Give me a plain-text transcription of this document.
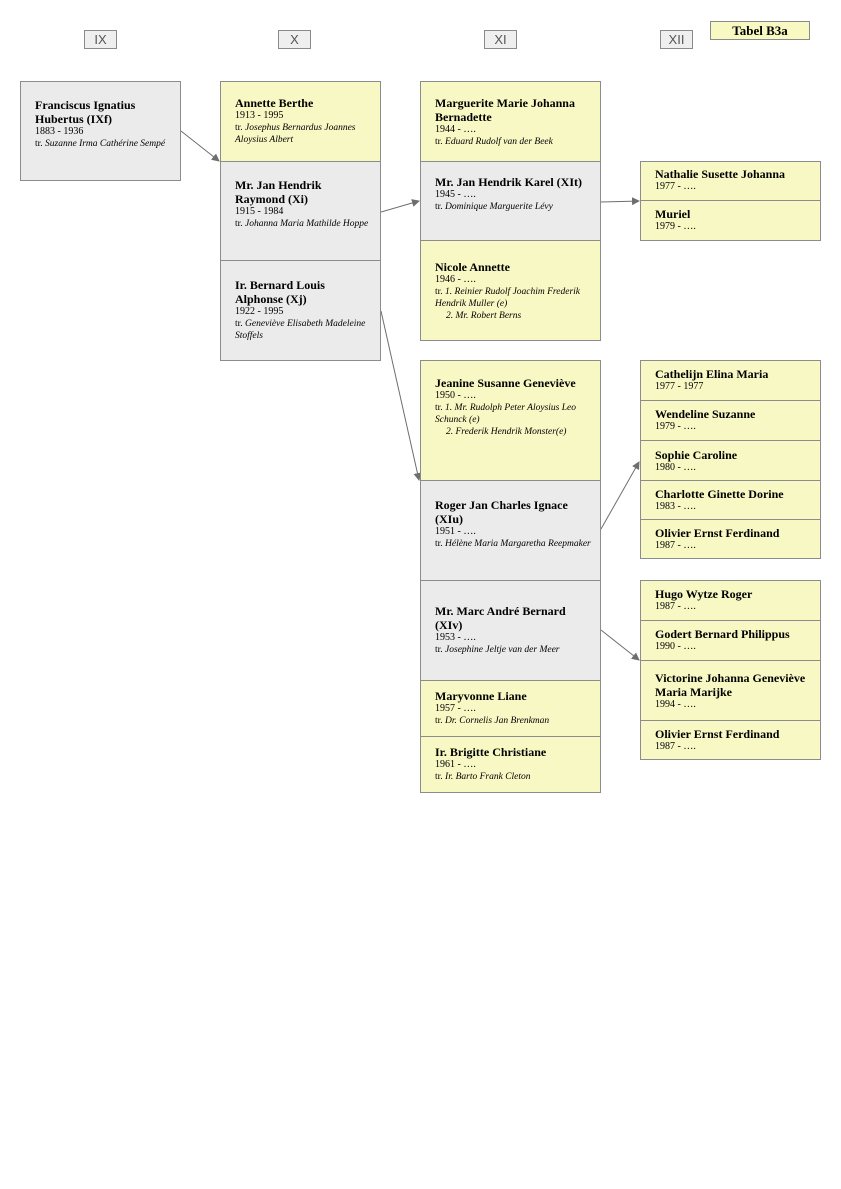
IX	X	XI	XII
Tabel B3a
Franciscus Ignatius Hubertus (IXf)
1883 - 1936
tr. Suzanne Irma Cathérine Sempé
Annette Berthe
1913 - 1995
tr. Josephus Bernardus Joannes Aloysius Albert
Mr. Jan Hendrik Raymond (Xi)
1915 - 1984
tr. Johanna Maria Mathilde Hoppe
Ir. Bernard Louis Alphonse (Xj)
1922 - 1995
tr. Geneviève Elisabeth Madeleine Stoffels
Marguerite Marie Johanna Bernadette
1944 - ….
tr. Eduard Rudolf van der Beek
Mr. Jan Hendrik Karel (XIt)
1945 - ….
tr. Dominique Marguerite Lévy
Nicole Annette
1946 - ….
tr. 1. Reinier Rudolf Joachim Frederik Hendrik Muller (e)
2. Mr. Robert Berns
Jeanine Susanne Geneviève
1950 - ….
tr. 1. Mr. Rudolph Peter Aloysius Leo Schunck (e)
2. Frederik Hendrik Monster(e)
Roger Jan Charles Ignace (XIu)
1951 - ….
tr. Hélène Maria Margaretha Reepmaker
Mr. Marc André Bernard (XIv)
1953 - ….
tr. Josephine Jeltje van der Meer
Maryvonne Liane
1957 - ….
tr. Dr. Cornelis Jan Brenkman
Ir. Brigitte Christiane
1961 - ….
tr. Ir. Barto Frank Cleton
Nathalie Susette Johanna
1977 - ….
Muriel
1979 - ….
Cathelijn Elina Maria
1977 - 1977
Wendeline Suzanne
1979 - ….
Sophie Caroline
1980 - ….
Charlotte Ginette Dorine
1983 - ….
Olivier Ernst Ferdinand
1987 - ….
Hugo Wytze Roger
1987 - ….
Godert Bernard Philippus
1990 - ….
Victorine Johanna Geneviève Maria Marijke
1994 - ….
Olivier Ernst Ferdinand
1987 - ….
